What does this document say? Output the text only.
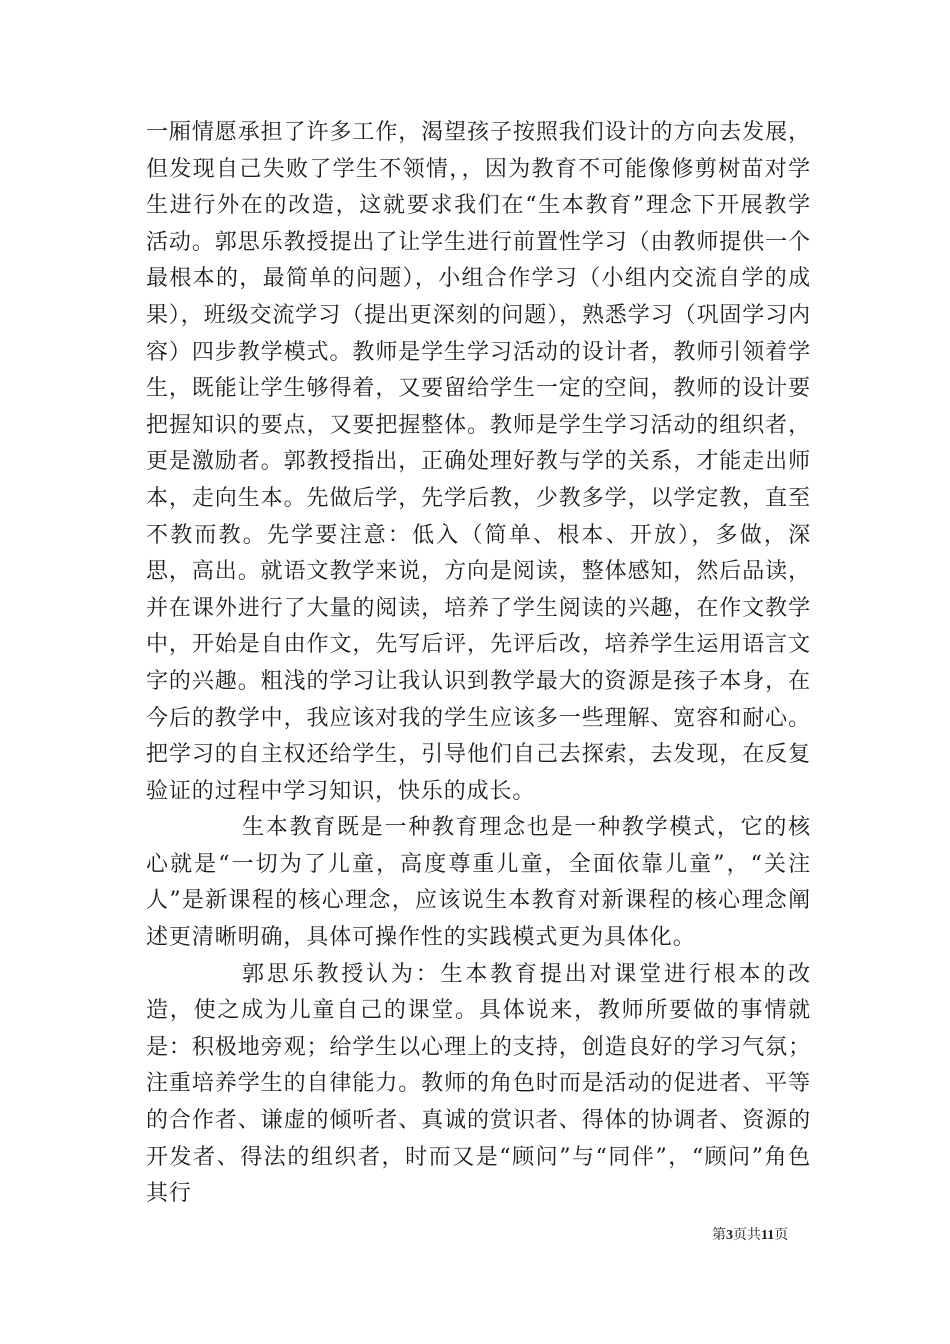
一厢情愿承担了许多工作，渴望孩子按照我们设计的方向去发展，但发现自己失败了学生不领情，，因为教育不可能像修剪树苗对学生进行外在的改造，这就要求我们在“生本教育”理念下开展教学活动。郭思乐教授提出了让学生进行前置性学习（由教师提供一个最根本的，最简单的问题），小组合作学习（小组内交流自学的成果），班级交流学习（提出更深刻的问题），熟悉学习（巩固学习内容）四步教学模式。教师是学生学习活动的设计者，教师引领着学生，既能让学生够得着，又要留给学生一定的空间，教师的设计要把握知识的要点，又要把握整体。教师是学生学习活动的组织者，更是激励者。郭教授指出，正确处理好教与学的关系，才能走出师本，走向生本。先做后学，先学后教，少教多学，以学定教，直至不教而教。先学要注意：低入（简单、根本、开放），多做，深思，高出。就语文教学来说，方向是阅读，整体感知，然后品读，并在课外进行了大量的阅读，培养了学生阅读的兴趣，在作文教学中，开始是自由作文，先写后评，先评后改，培养学生运用语言文字的兴趣。粗浅的学习让我认识到教学最大的资源是孩子本身，在今后的教学中，我应该对我的学生应该多一些理解、宽容和耐心。把学习的自主权还给学生，引导他们自己去探索，去发现，在反复验证的过程中学习知识，快乐的成长。

生本教育既是一种教育理念也是一种教学模式，它的核心就是“一切为了儿童，高度尊重儿童，全面依靠儿童”，“关注人”是新课程的核心理念，应该说生本教育对新课程的核心理念阐述更清晰明确，具体可操作性的实践模式更为具体化。

郭思乐教授认为：生本教育提出对课堂进行根本的改造，使之成为儿童自己的课堂。具体说来，教师所要做的事情就是：积极地旁观；给学生以心理上的支持，创造良好的学习气氛；注重培养学生的自律能力。教师的角色时而是活动的促进者、平等的合作者、谦虚的倾听者、真诚的赏识者、得体的协调者、资源的开发者、得法的组织者，时而又是“顾问”与“同伴”，“顾问”角色其行

第3页共11页
